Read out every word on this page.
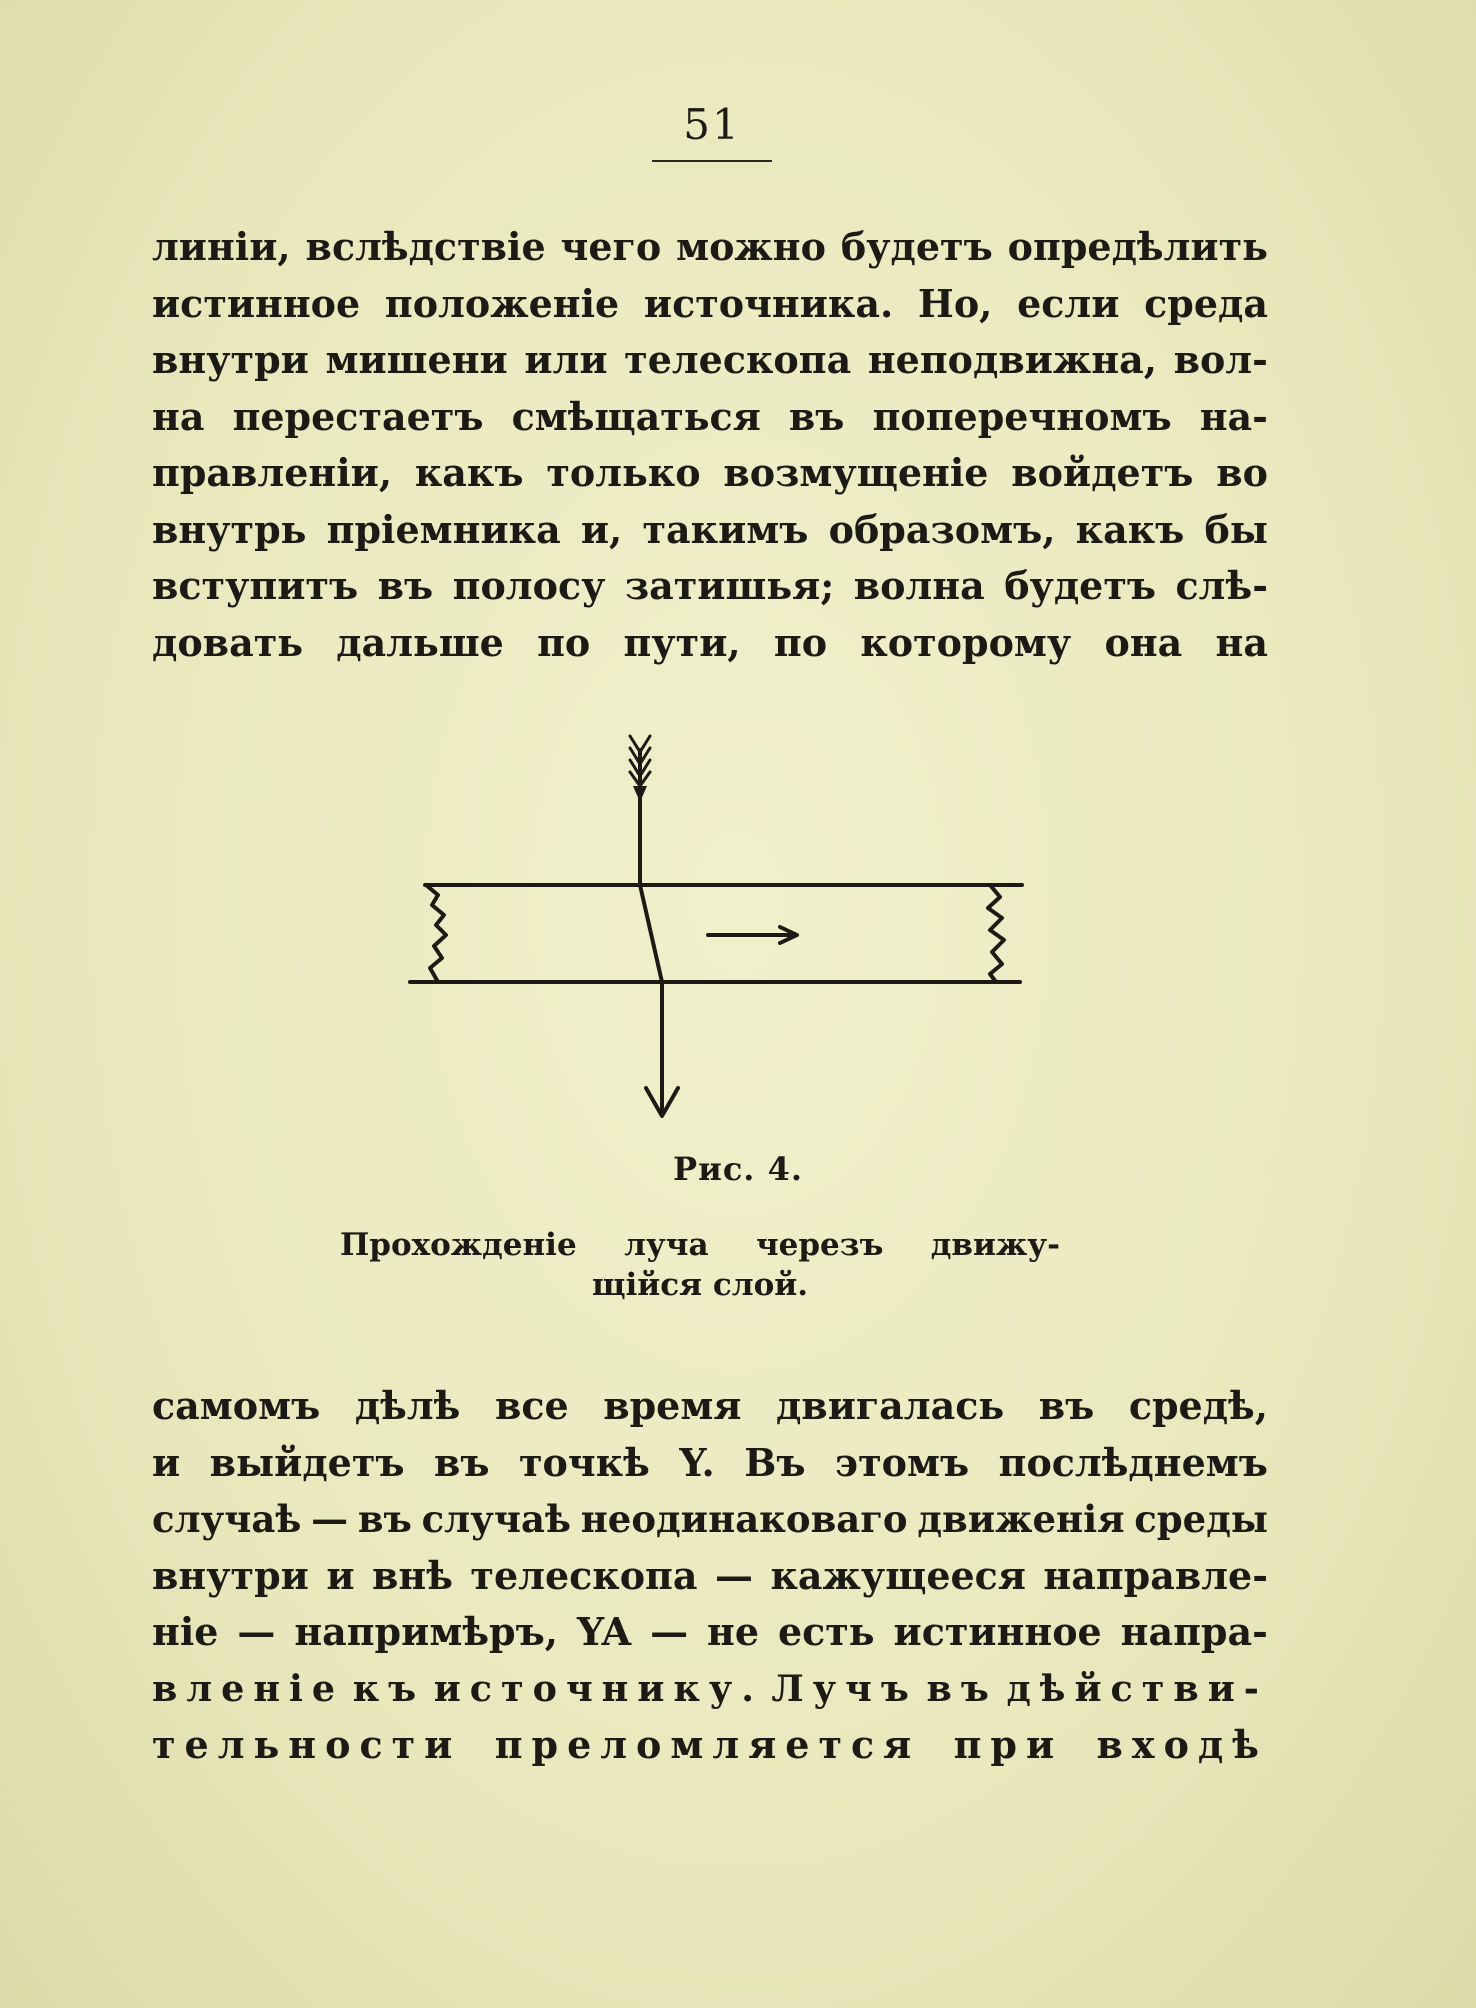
51
линіи, вслѣдствіе чего можно будетъ опредѣлить
истинное положеніе источника. Но, если среда
внутри мишени или телескопа неподвижна, вол-
на перестаетъ смѣщаться въ поперечномъ на-
правленіи, какъ только возмущеніе войдетъ во
внутрь пріемника и, такимъ образомъ, какъ бы
вступитъ въ полосу затишья; волна будетъ слѣ-
довать дальше по пути, по которому она на
Рис. 4.
Прохожденіе луча черезъ движу-
щійся слой.
самомъ дѣлѣ все время двигалась въ средѣ,
и выйдетъ въ точкѣ Y. Въ этомъ послѣднемъ
случаѣ — въ случаѣ неодинаковаго движенія среды
внутри и внѣ телескопа — кажущееся направле-
ніе — напримѣръ, YA — не есть истинное напра-
вленіе къ источнику. Лучъ въ дѣйстви-
тельности преломляется при входѣ
